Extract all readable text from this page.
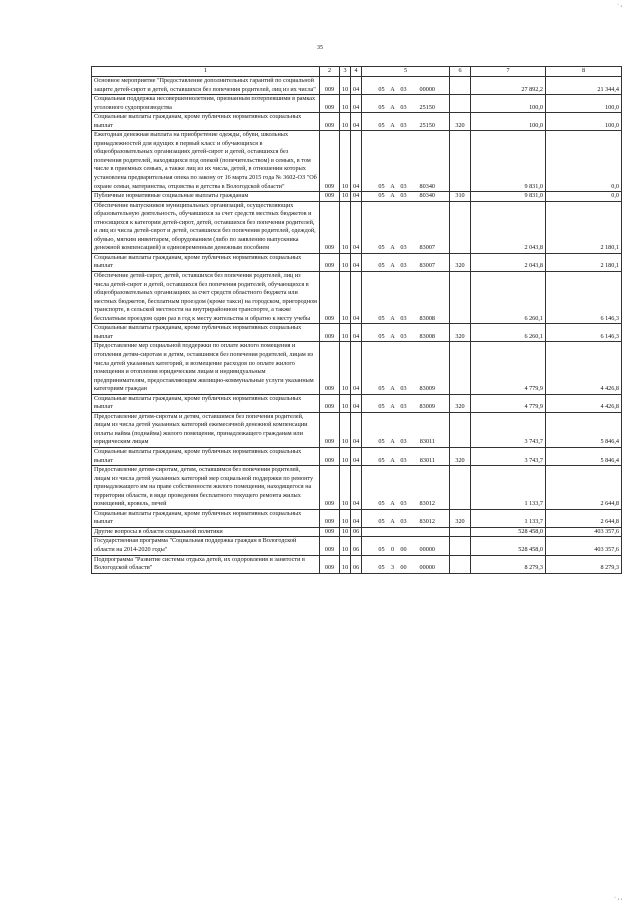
· ,
35
1	2	3	4	5	6	7	8
Основное мероприятие "Предоставление дополнительных гарантий по социальной защите детей-сирот и детей, оставшихся без попечения родителей, лиц из их числа"	009	10	04	05 А 03 00000		27 892,2	21 344,4
Социальная поддержка несовершеннолетним, признанным потерпевшими в рамках уголовного судопроизводства	009	10	04	05 А 03 25150		100,0	100,0
Социальные выплаты гражданам, кроме публичных нормативных социальных выплат	009	10	04	05 А 03 25150	320	100,0	100,0
Ежегодная денежная выплата на приобретение одежды, обуви, школьных принадлежностей для идущих в первый класс и обучающихся в общеобразовательных организациях детей-сирот и детей, оставшихся без попечения родителей, находящихся под опекой (попечительством) в семьях, в том числе в приемных семьях, а также лиц из их числа, детей, в отношении которых установлена предварительная опека по закону от 16 марта 2015 года № 3602-ОЗ "Об охране семьи, материнства, отцовства и детства в Вологодской области"	009	10	04	05 А 03 80340		9 831,0	0,0
Публичные нормативные социальные выплаты гражданам	009	10	04	05 А 03 80340	310	9 831,0	0,0
Обеспечение выпускников муниципальных организаций, осуществляющих образовательную деятельность, обучавшихся за счет средств местных бюджетов и относящихся к категории детей-сирот, детей, оставшихся без попечения родителей, и лиц из числа детей-сирот и детей, оставшихся без попечения родителей, одеждой, обувью, мягким инвентарем, оборудованием (либо по заявлению выпускника денежной компенсацией) и единовременным денежным пособием	009	10	04	05 А 03 83007		2 043,8	2 180,1
Социальные выплаты гражданам, кроме публичных нормативных социальных выплат	009	10	04	05 А 03 83007	320	2 043,8	2 180,1
Обеспечение детей-сирот, детей, оставшихся без попечения родителей, лиц из числа детей-сирот и детей, оставшихся без попечения родителей, обучающихся в общеобразовательных организациях за счет средств областного бюджета или местных бюджетов, бесплатным проездом (кроме такси) на городском, пригородном транспорте, в сельской местности на внутрирайонном транспорте, а также бесплатным проездом один раз в год к месту жительства и обратно к месту учебы	009	10	04	05 А 03 83008		6 260,1	6 146,3
Социальные выплаты гражданам, кроме публичных нормативных социальных выплат	009	10	04	05 А 03 83008	320	6 260,1	6 146,3
Предоставление мер социальной поддержки по оплате жилого помещения и отопления детям-сиротам и детям, оставшимся без попечения родителей, лицам из числа детей указанных категорий, и возмещение расходов по оплате жилого помещения и отопления юридическим лицам и индивидуальным предпринимателям, предоставляющим жилищно-коммунальные услуги указанным категориям граждан	009	10	04	05 А 03 83009		4 779,9	4 426,8
Социальные выплаты гражданам, кроме публичных нормативных социальных выплат	009	10	04	05 А 03 83009	320	4 779,9	4 426,8
Предоставление детям-сиротам и детям, оставшимся без попечения родителей, лицам из числа детей указанных категорий ежемесячной денежной компенсации оплаты найма (поднайма) жилого помещения, принадлежащего гражданам или юридическим лицам	009	10	04	05 А 03 83011		3 743,7	5 846,4
Социальные выплаты гражданам, кроме публичных нормативных социальных выплат	009	10	04	05 А 03 83011	320	3 743,7	5 846,4
Предоставление детям-сиротам, детям, оставшимся без попечения родителей, лицам из числа детей указанных категорий мер социальной поддержки по ремонту принадлежащего им на праве собственности жилого помещения, находящегося на территории области, в виде проведения бесплатного текущего ремонта жилых помещений, кровель, печей	009	10	04	05 А 03 83012		1 133,7	2 644,8
Социальные выплаты гражданам, кроме публичных нормативных социальных выплат	009	10	04	05 А 03 83012	320	1 133,7	2 644,8
Другие вопросы в области социальной политики	009	10	06			528 458,0	403 357,6
Государственная программа "Социальная поддержка граждан в Вологодской области на 2014-2020 годы"	009	10	06	05 0 00 00000		528 458,0	403 357,6
Подпрограмма "Развитие системы отдыха детей, их оздоровления и занятости в Вологодской области"	009	10	06	05 3 00 00000		8 279,3	8 279,3
· , ,
